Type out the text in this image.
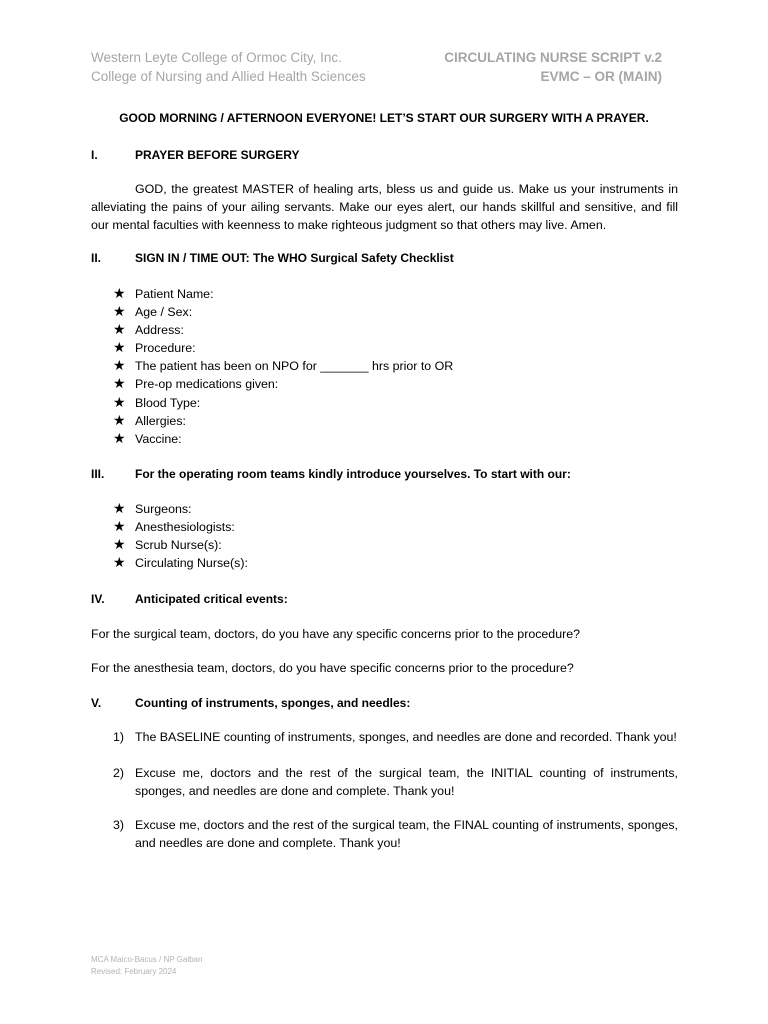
Western Leyte College of Ormoc City, Inc.
College of Nursing and Allied Health Sciences
CIRCULATING NURSE SCRIPT v.2
EVMC – OR (MAIN)
GOOD MORNING / AFTERNOON EVERYONE! LET’S START OUR SURGERY WITH A PRAYER.
I.	PRAYER BEFORE SURGERY
GOD, the greatest MASTER of healing arts, bless us and guide us. Make us your instruments in alleviating the pains of your ailing servants. Make our eyes alert, our hands skillful and sensitive, and fill our mental faculties with keenness to make righteous judgment so that others may live. Amen.
II.	SIGN IN / TIME OUT: The WHO Surgical Safety Checklist
★ Patient Name:
★ Age / Sex:
★ Address:
★ Procedure:
★ The patient has been on NPO for _______ hrs prior to OR
★ Pre-op medications given:
★ Blood Type:
★ Allergies:
★ Vaccine:
III.	For the operating room teams kindly introduce yourselves. To start with our:
★ Surgeons:
★ Anesthesiologists:
★ Scrub Nurse(s):
★ Circulating Nurse(s):
IV.	Anticipated critical events:
For the surgical team, doctors, do you have any specific concerns prior to the procedure?
For the anesthesia team, doctors, do you have specific concerns prior to the procedure?
V.	Counting of instruments, sponges, and needles:
1) The BASELINE counting of instruments, sponges, and needles are done and recorded. Thank you!
2) Excuse me, doctors and the rest of the surgical team, the INITIAL counting of instruments, sponges, and needles are done and complete. Thank you!
3) Excuse me, doctors and the rest of the surgical team, the FINAL counting of instruments, sponges, and needles are done and complete. Thank you!
MCA Maico-Bacus / NP Galban
Revised: February 2024
